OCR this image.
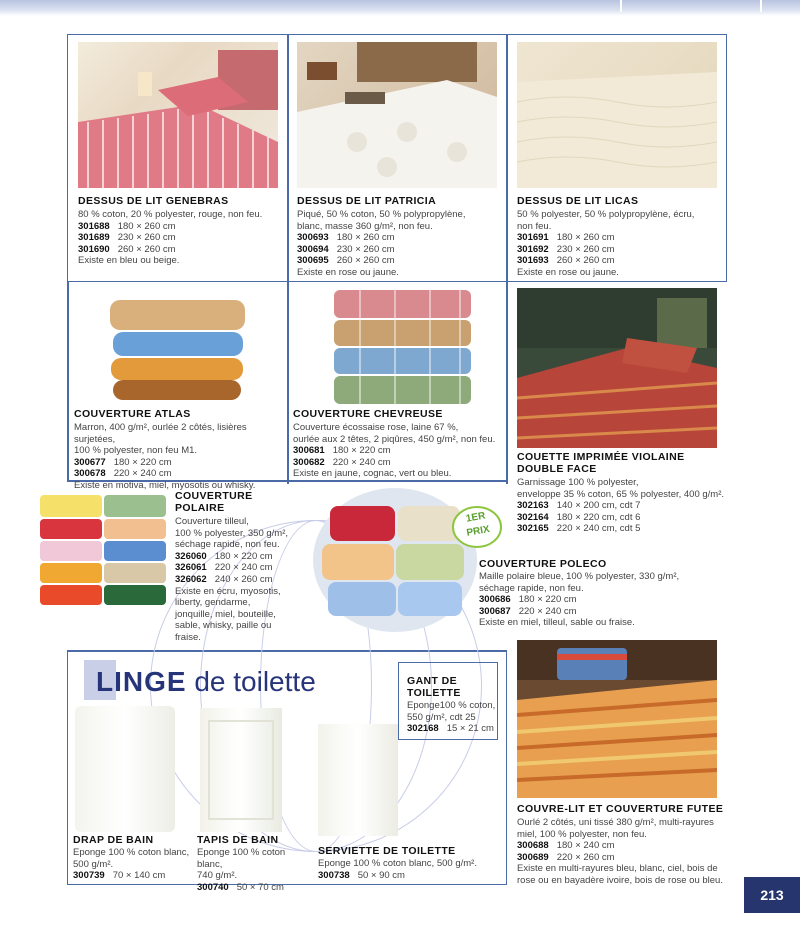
DESSUS DE LIT GENEBRAS
80 % coton, 20 % polyester, rouge, non feu.
301688 180 × 260 cm
301689 230 × 260 cm
301690 260 × 260 cm
Existe en bleu ou beige.
DESSUS DE LIT PATRICIA
Piqué, 50 % coton, 50 % polypropylène,
blanc, masse 360 g/m², non feu.
300693 180 × 260 cm
300694 230 × 260 cm
300695 260 × 260 cm
Existe en rose ou jaune.
DESSUS DE LIT LICAS
50 % polyester, 50 % polypropylène, écru,
non feu.
301691 180 × 260 cm
301692 230 × 260 cm
301693 260 × 260 cm
Existe en rose ou jaune.
COUVERTURE ATLAS
Marron, 400 g/m², ourlée 2 côtés, lisières surjetées,
100 % polyester, non feu M1.
300677 180 × 220 cm
300678 220 × 240 cm
Existe en motiva, miel, myosotis ou whisky.
COUVERTURE CHEVREUSE
Couverture écossaise rose, laine 67 %,
ourlée aux 2 têtes, 2 piqûres, 450 g/m², non feu.
300681 180 × 220 cm
300682 220 × 240 cm
Existe en jaune, cognac, vert ou bleu.
COUETTE IMPRIMÉE VIOLAINE DOUBLE FACE
Garnissage 100 % polyester,
enveloppe 35 % coton, 65 % polyester, 400 g/m².
302163 140 × 200 cm, cdt 7
302164 180 × 220 cm, cdt 6
302165 220 × 240 cm, cdt 5
COUVERTURE POLAIRE
Couverture tilleul,
100 % polyester, 350 g/m²,
séchage rapide, non feu.
326060 180 × 220 cm
326061 220 × 240 cm
326062 240 × 260 cm
Existe en écru, myosotis, liberty, gendarme, jonquille, miel, bouteille, sable, whisky, paille ou fraise.
1ER
PRIX
COUVERTURE POLECO
Maille polaire bleue, 100 % polyester, 330 g/m²,
séchage rapide, non feu.
300686 180 × 220 cm
300687 220 × 240 cm
Existe en miel, tilleul, sable ou fraise.
LINGE de toilette	GANT DE TOILETTE
Eponge100 % coton,
550 g/m², cdt 25
302168 15 × 21 cm
DRAP DE BAIN
Eponge 100 % coton blanc,
500 g/m².
300739 70 × 140 cm
TAPIS DE BAIN
Eponge 100 % coton blanc,
740 g/m².
300740 50 × 70 cm
SERVIETTE DE TOILETTE
Eponge 100 % coton blanc, 500 g/m².
300738 50 × 90 cm
COUVRE-LIT ET COUVERTURE FUTEE
Ourlé 2 côtés, uni tissé 380 g/m², multi-rayures
miel, 100 % polyester, non feu.
300688 180 × 240 cm
300689 220 × 260 cm
Existe en multi-rayures bleu, blanc, ciel, bois de rose ou en bayadère ivoire, bois de rose ou bleu.
213
